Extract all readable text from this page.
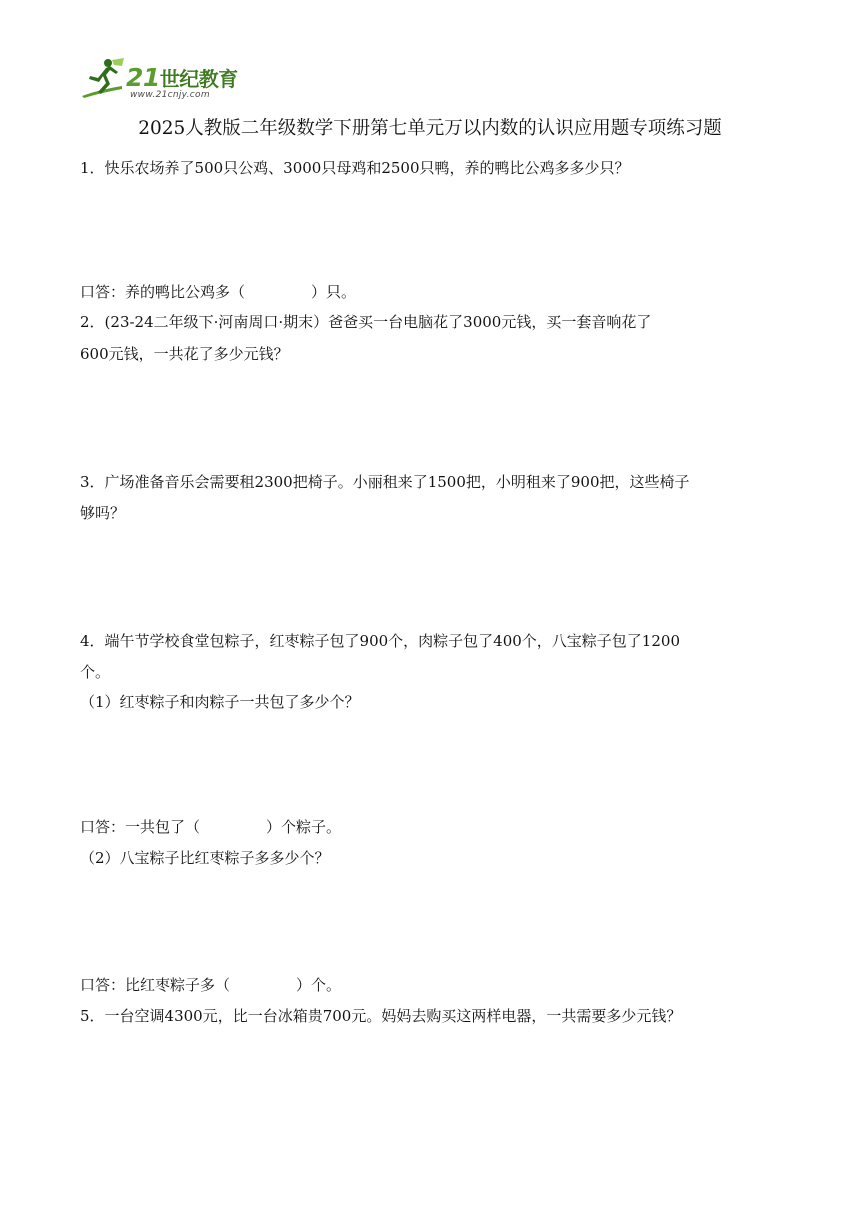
21世纪教育
www.21cnjy.com
2025人教版二年级数学下册第七单元万以内数的认识应用题专项练习题
1．快乐农场养了500只公鸡、3000只母鸡和2500只鸭，养的鸭比公鸡多多少只？
口答：养的鸭比公鸡多（	）只。
2．(23-24二年级下·河南周口·期末）爸爸买一台电脑花了3000元钱，买一套音响花了
600元钱，一共花了多少元钱？
3．广场准备音乐会需要租2300把椅子。小丽租来了1500把，小明租来了900把，这些椅子
够吗？
4．端午节学校食堂包粽子，红枣粽子包了900个，肉粽子包了400个，八宝粽子包了1200
个。
（1）红枣粽子和肉粽子一共包了多少个？
口答：一共包了（	）个粽子。
（2）八宝粽子比红枣粽子多多少个？
口答：比红枣粽子多（	）个。
5．一台空调4300元，比一台冰箱贵700元。妈妈去购买这两样电器，一共需要多少元钱？
